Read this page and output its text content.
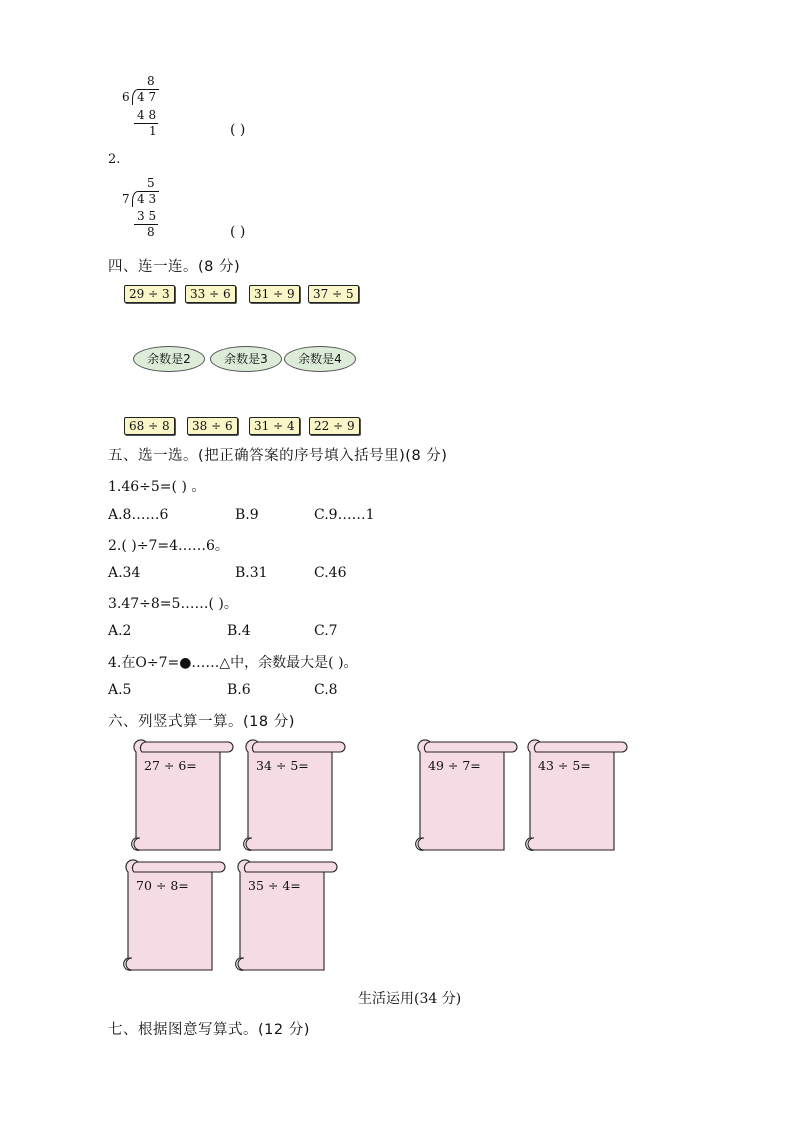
8
6 4 7
4 8
1	( )
2.
5
7 4 3
3 5
8	( )
四、连一连。(8 分)
29 ÷ 3	33 ÷ 6	31 ÷ 9	37 ÷ 5
余数是2	余数是3	余数是4
68 ÷ 8	38 ÷ 6	31 ÷ 4	22 ÷ 9
五、选一选。(把正确答案的序号填入括号里)(8 分)
1.46÷5=( ) 。
A.8……6	B.9	C.9……1
2.( )÷7=4……6。
A.34	B.31	C.46
3.47÷8=5……( )。
A.2	B.4	C.7
4.在O÷7=●……△中，余数最大是( )。
A.5	B.6	C.8
六、列竖式算一算。(18 分)
27 ÷ 6=	34 ÷ 5=	49 ÷ 7=	43 ÷ 5=
70 ÷ 8=	35 ÷ 4=
生活运用(34 分)
七、根据图意写算式。(12 分)
